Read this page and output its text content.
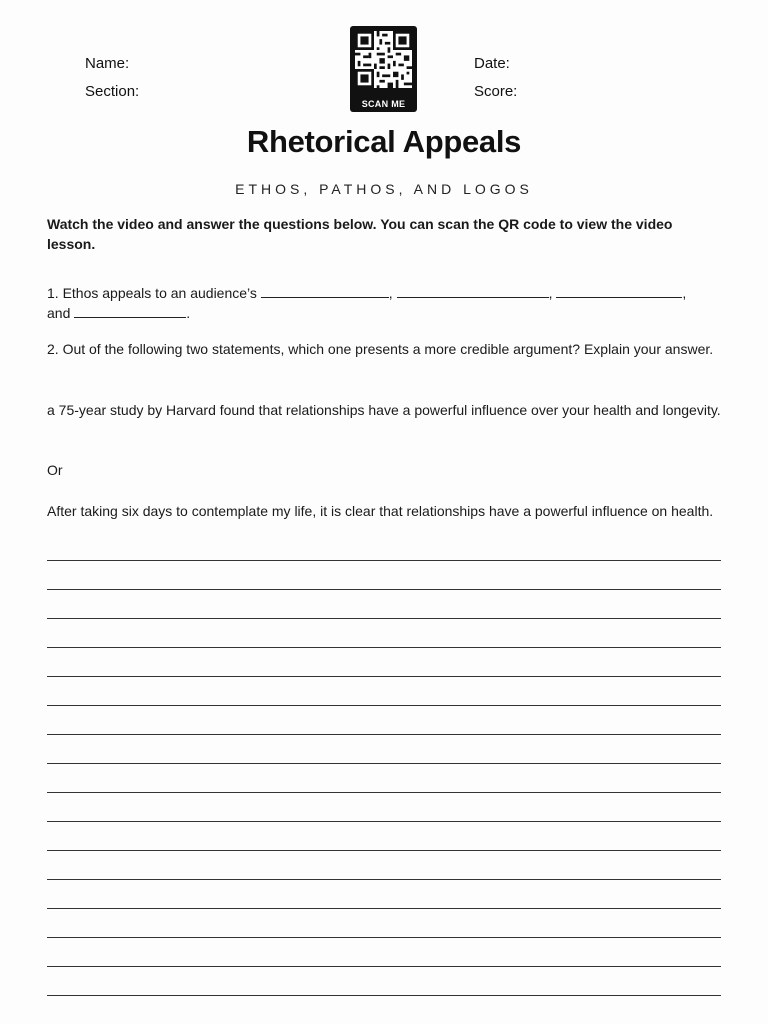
Name:
Section:
Date:
Score:
SCAN ME
Rhetorical Appeals
ETHOS, PATHOS, AND LOGOS
Watch the video and answer the questions below. You can scan the QR code to view the video lesson.
1. Ethos appeals to an audience’s	,	,	,
and	.
2. Out of the following two statements, which one presents a more credible argument? Explain your answer.
a 75-year study by Harvard found that relationships have a powerful influence over your health and longevity.
Or
After taking six days to contemplate my life, it is clear that relationships have a powerful influence on health.
